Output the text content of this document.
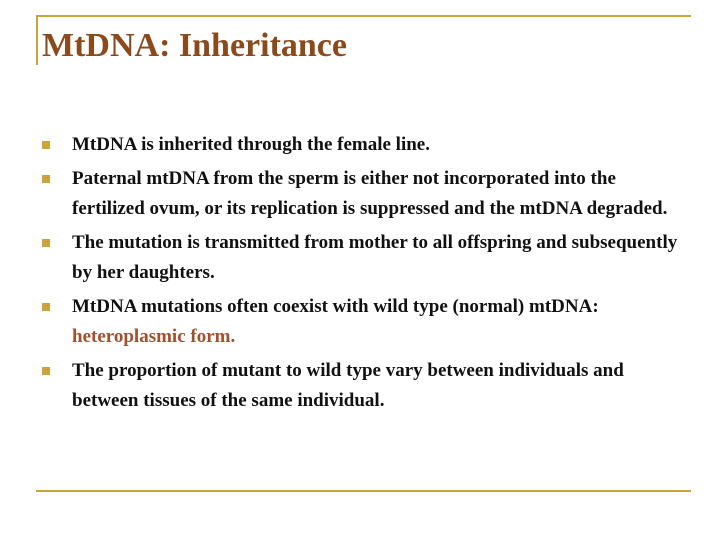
MtDNA: Inheritance
MtDNA is inherited through the female line.
Paternal mtDNA from the sperm is either not incorporated into the fertilized ovum, or its replication is suppressed and the mtDNA degraded.
The mutation is transmitted from mother to all offspring and subsequently by her daughters.
MtDNA mutations often coexist with wild type (normal) mtDNA: heteroplasmic form.
The proportion of mutant to wild type vary between individuals and between tissues of the same individual.
